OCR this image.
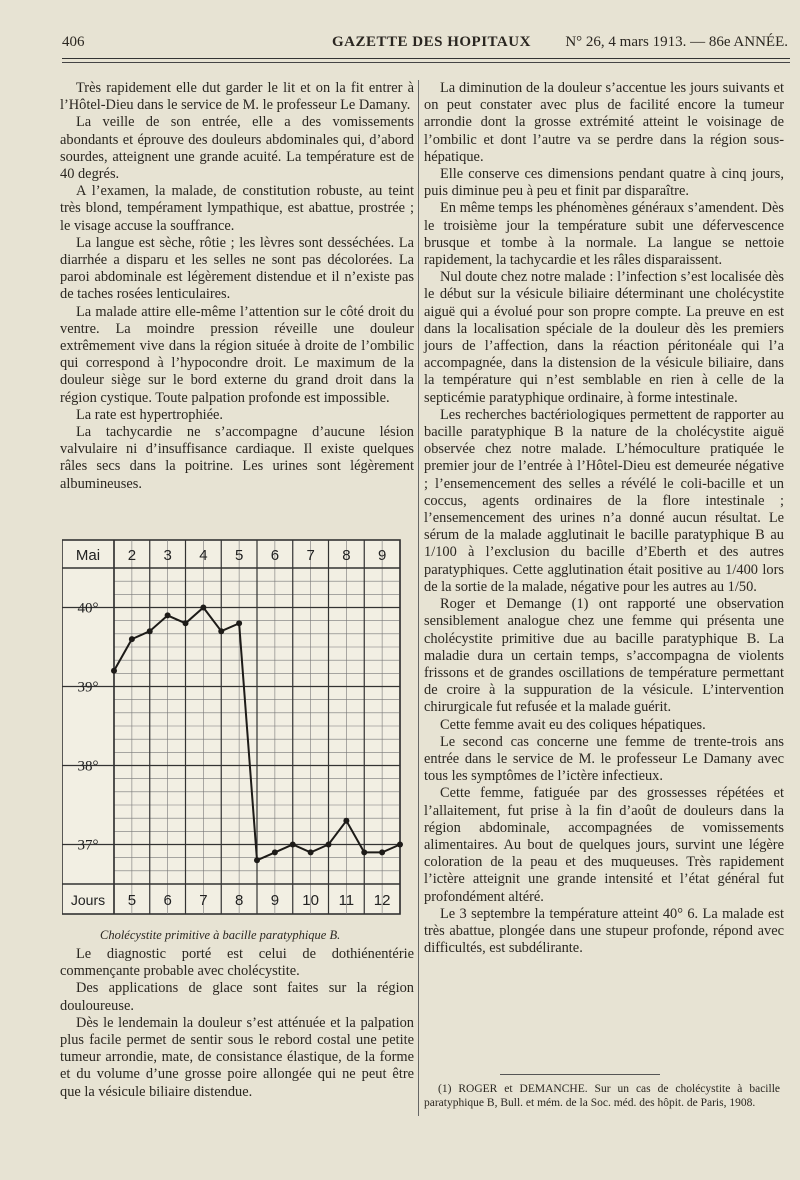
406	GAZETTE DES HOPITAUX N° 26, 4 mars 1913. — 86e ANNÉE.

Très rapidement elle dut garder le lit et on la fit entrer à l’Hôtel-Dieu dans le service de M. le professeur Le Damany.

La veille de son entrée, elle a des vomissements abondants et éprouve des douleurs abdominales qui, d’abord sourdes, atteignent une grande acuité. La température est de 40 degrés.

A l’examen, la malade, de constitution robuste, au teint très blond, tempérament lympathique, est abattue, prostrée ; le visage accuse la souffrance.

La langue est sèche, rôtie ; les lèvres sont desséchées. La diarrhée a disparu et les selles ne sont pas décolorées. La paroi abdominale est légèrement distendue et il n’existe pas de taches rosées lenticulaires.

La malade attire elle-même l’attention sur le côté droit du ventre. La moindre pression réveille une douleur extrêmement vive dans la région située à droite de l’ombilic qui correspond à l’hypocondre droit. Le maximum de la douleur siège sur le bord externe du grand droit dans la région cystique. Toute palpation profonde est impossible.

La rate est hypertrophiée.

La tachycardie ne s’accompagne d’aucune lésion valvulaire ni d’insuffisance cardiaque. Il existe quelques râles secs dans la poitrine. Les urines sont légèrement albumineuses.

Mai 2 3 4 5 6 7 8 9
Jours 5 6 7 8 9 10 11 12
40°
39°
38°
37°
Cholécystite primitive à bacille paratyphique B.

Le diagnostic porté est celui de dothiénentérie commençante probable avec cholécystite.

Des applications de glace sont faites sur la région douloureuse.

Dès le lendemain la douleur s’est atténuée et la palpation plus facile permet de sentir sous le rebord costal une petite tumeur arrondie, mate, de consistance élastique, de la forme et du volume d’une grosse poire allongée qui ne peut être que la vésicule biliaire distendue.

La diminution de la douleur s’accentue les jours suivants et on peut constater avec plus de facilité encore la tumeur arrondie dont la grosse extrémité atteint le voisinage de l’ombilic et dont l’autre va se perdre dans la région sous-hépatique.

Elle conserve ces dimensions pendant quatre à cinq jours, puis diminue peu à peu et finit par disparaître.

En même temps les phénomènes généraux s’amendent. Dès le troisième jour la température subit une défervescence brusque et tombe à la normale. La langue se nettoie rapidement, la tachycardie et les râles disparaissent.

Nul doute chez notre malade : l’infection s’est localisée dès le début sur la vésicule biliaire déterminant une cholécystite aiguë qui a évolué pour son propre compte. La preuve en est dans la localisation spéciale de la douleur dès les premiers jours de l’affection, dans la réaction péritonéale qui l’a accompagnée, dans la distension de la vésicule biliaire, dans la température qui n’est semblable en rien à celle de la septicémie paratyphique ordinaire, à forme intestinale.

Les recherches bactériologiques permettent de rapporter au bacille paratyphique B la nature de la cholécystite aiguë observée chez notre malade. L’hémoculture pratiquée le premier jour de l’entrée à l’Hôtel-Dieu est demeurée négative ; l’ensemencement des selles a révélé le coli-bacille et un coccus, agents ordinaires de la flore intestinale ; l’ensemencement des urines n’a donné aucun résultat. Le sérum de la malade agglutinait le bacille paratyphique B au 1/100 à l’exclusion du bacille d’Eberth et des autres paratyphiques. Cette agglutination était positive au 1/400 lors de la sortie de la malade, négative pour les autres au 1/50.

Roger et Demange (1) ont rapporté une observation sensiblement analogue chez une femme qui présenta une cholécystite primitive due au bacille paratyphique B. La maladie dura un certain temps, s’accompagna de violents frissons et de grandes oscillations de température permettant de croire à la suppuration de la vésicule. L’intervention chirurgicale fut refusée et la malade guérit.

Cette femme avait eu des coliques hépatiques.

Le second cas concerne une femme de trente-trois ans entrée dans le service de M. le professeur Le Damany avec tous les symptômes de l’ictère infectieux.

Cette femme, fatiguée par des grossesses répétées et l’allaitement, fut prise à la fin d’août de douleurs dans la région abdominale, accompagnées de vomissements alimentaires. Au bout de quelques jours, survint une légère coloration de la peau et des muqueuses. Très rapidement l’ictère atteignit une grande intensité et l’état général fut profondément altéré.

Le 3 septembre la température atteint 40° 6. La malade est très abattue, plongée dans une stupeur profonde, répond avec difficultés, est subdélirante.

(1) ROGER et DEMANCHE. Sur un cas de cholécystite à bacille paratyphique B, Bull. et mém. de la Soc. méd. des hôpit. de Paris, 1908.
